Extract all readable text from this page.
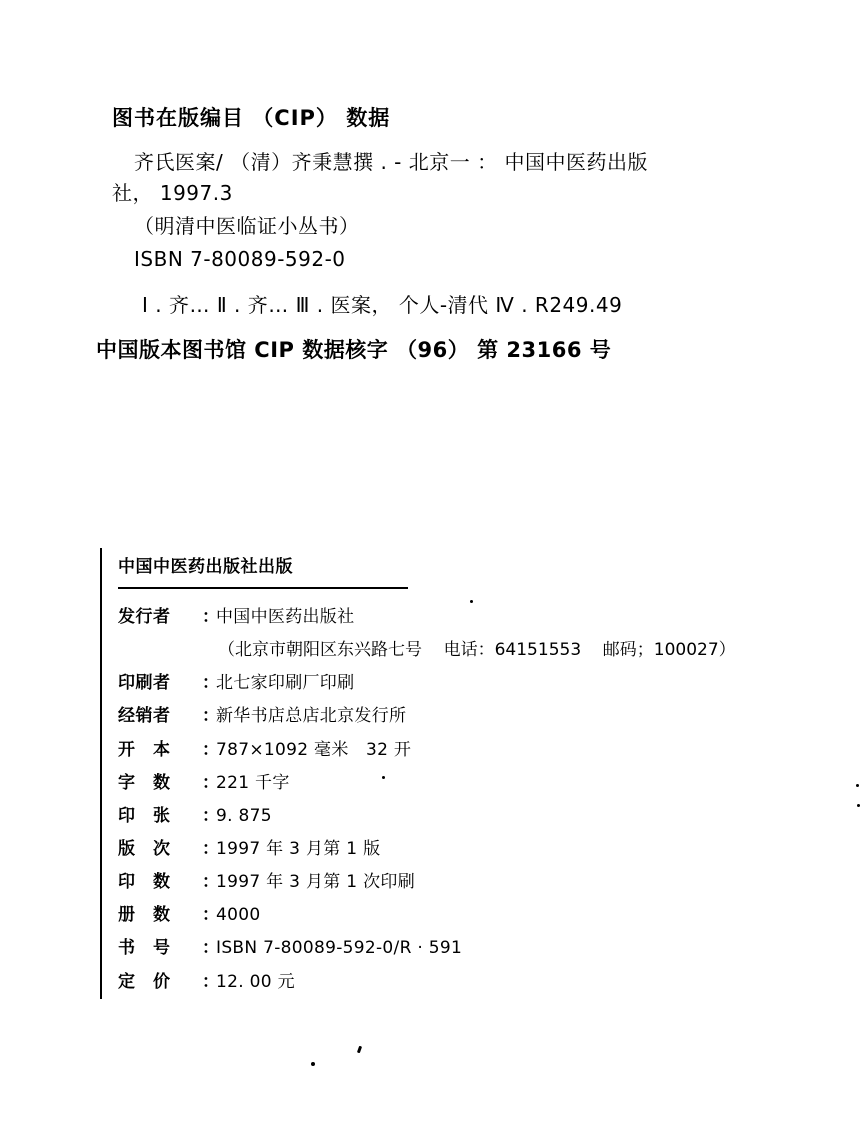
图书在版编目 （CIP） 数据
齐氏医案/ （清）齐秉慧撰 . - 北京一 ： 中国中医药出版
社， 1997.3
（明清中医临证小丛书）
ISBN 7-80089-592-0
Ⅰ . 齐… Ⅱ . 齐… Ⅲ . 医案， 个人-清代 Ⅳ . R249.49
中国版本图书馆 CIP 数据核字 （96） 第 23166 号
中国中医药出版社出版
发行者	：
中国中医药出版社
（北京市朝阳区东兴路七号    电话：64151553    邮码；100027）
印刷者	：
北七家印刷厂印刷
经销者	：
新华书店总店北京发行所
开　本	：
787×1092 毫米　32 开
字　数	：
221 千字
印　张	：
9. 875
版　次	：
1997 年 3 月第 1 版
印　数	：
1997 年 3 月第 1 次印刷
册　数	：
4000
书　号	：
ISBN 7-80089-592-0/R · 591
定　价	：
12. 00 元
